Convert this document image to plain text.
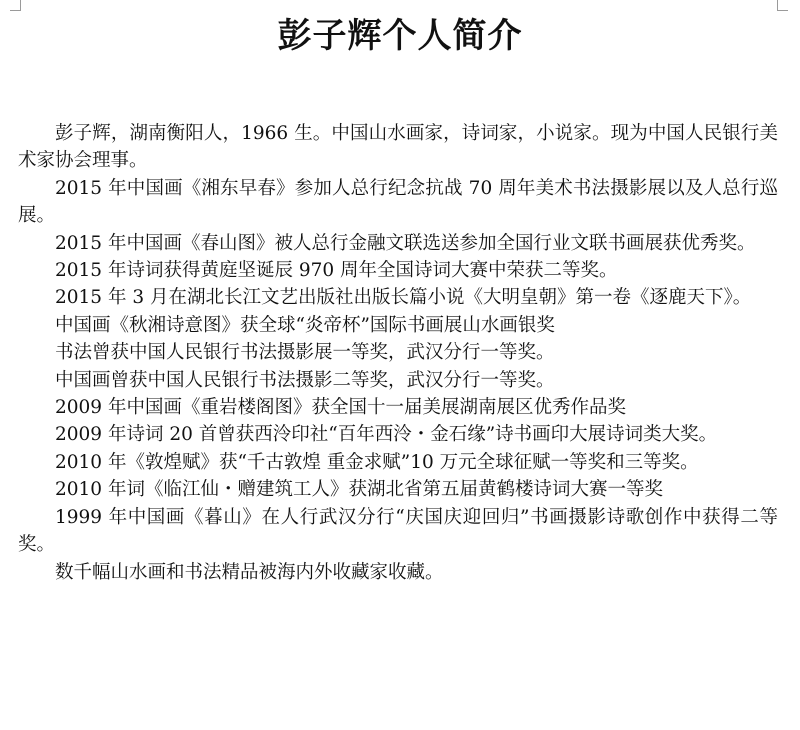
彭子辉个人简介

彭子辉，湖南衡阳人，1966 生。中国山水画家，诗词家，小说家。现为中国人民银行美术家协会理事。

2015 年中国画《湘东早春》参加人总行纪念抗战 70 周年美术书法摄影展以及人总行巡展。

2015 年中国画《春山图》被人总行金融文联选送参加全国行业文联书画展获优秀奖。

2015 年诗词获得黄庭坚诞辰 970 周年全国诗词大赛中荣获二等奖。

2015 年 3 月在湖北长江文艺出版社出版长篇小说《大明皇朝》第一卷《逐鹿天下》。

中国画《秋湘诗意图》获全球“炎帝杯”国际书画展山水画银奖

书法曾获中国人民银行书法摄影展一等奖，武汉分行一等奖。

中国画曾获中国人民银行书法摄影二等奖，武汉分行一等奖。

2009 年中国画《重岩楼阁图》获全国十一届美展湖南展区优秀作品奖

2009 年诗词 20 首曾获西泠印社“百年西泠・金石缘”诗书画印大展诗词类大奖。

2010 年《敦煌赋》获“千古敦煌 重金求赋”10 万元全球征赋一等奖和三等奖。

2010 年词《临江仙・赠建筑工人》获湖北省第五届黄鹤楼诗词大赛一等奖

1999 年中国画《暮山》在人行武汉分行“庆国庆迎回归”书画摄影诗歌创作中获得二等奖。

数千幅山水画和书法精品被海内外收藏家收藏。
